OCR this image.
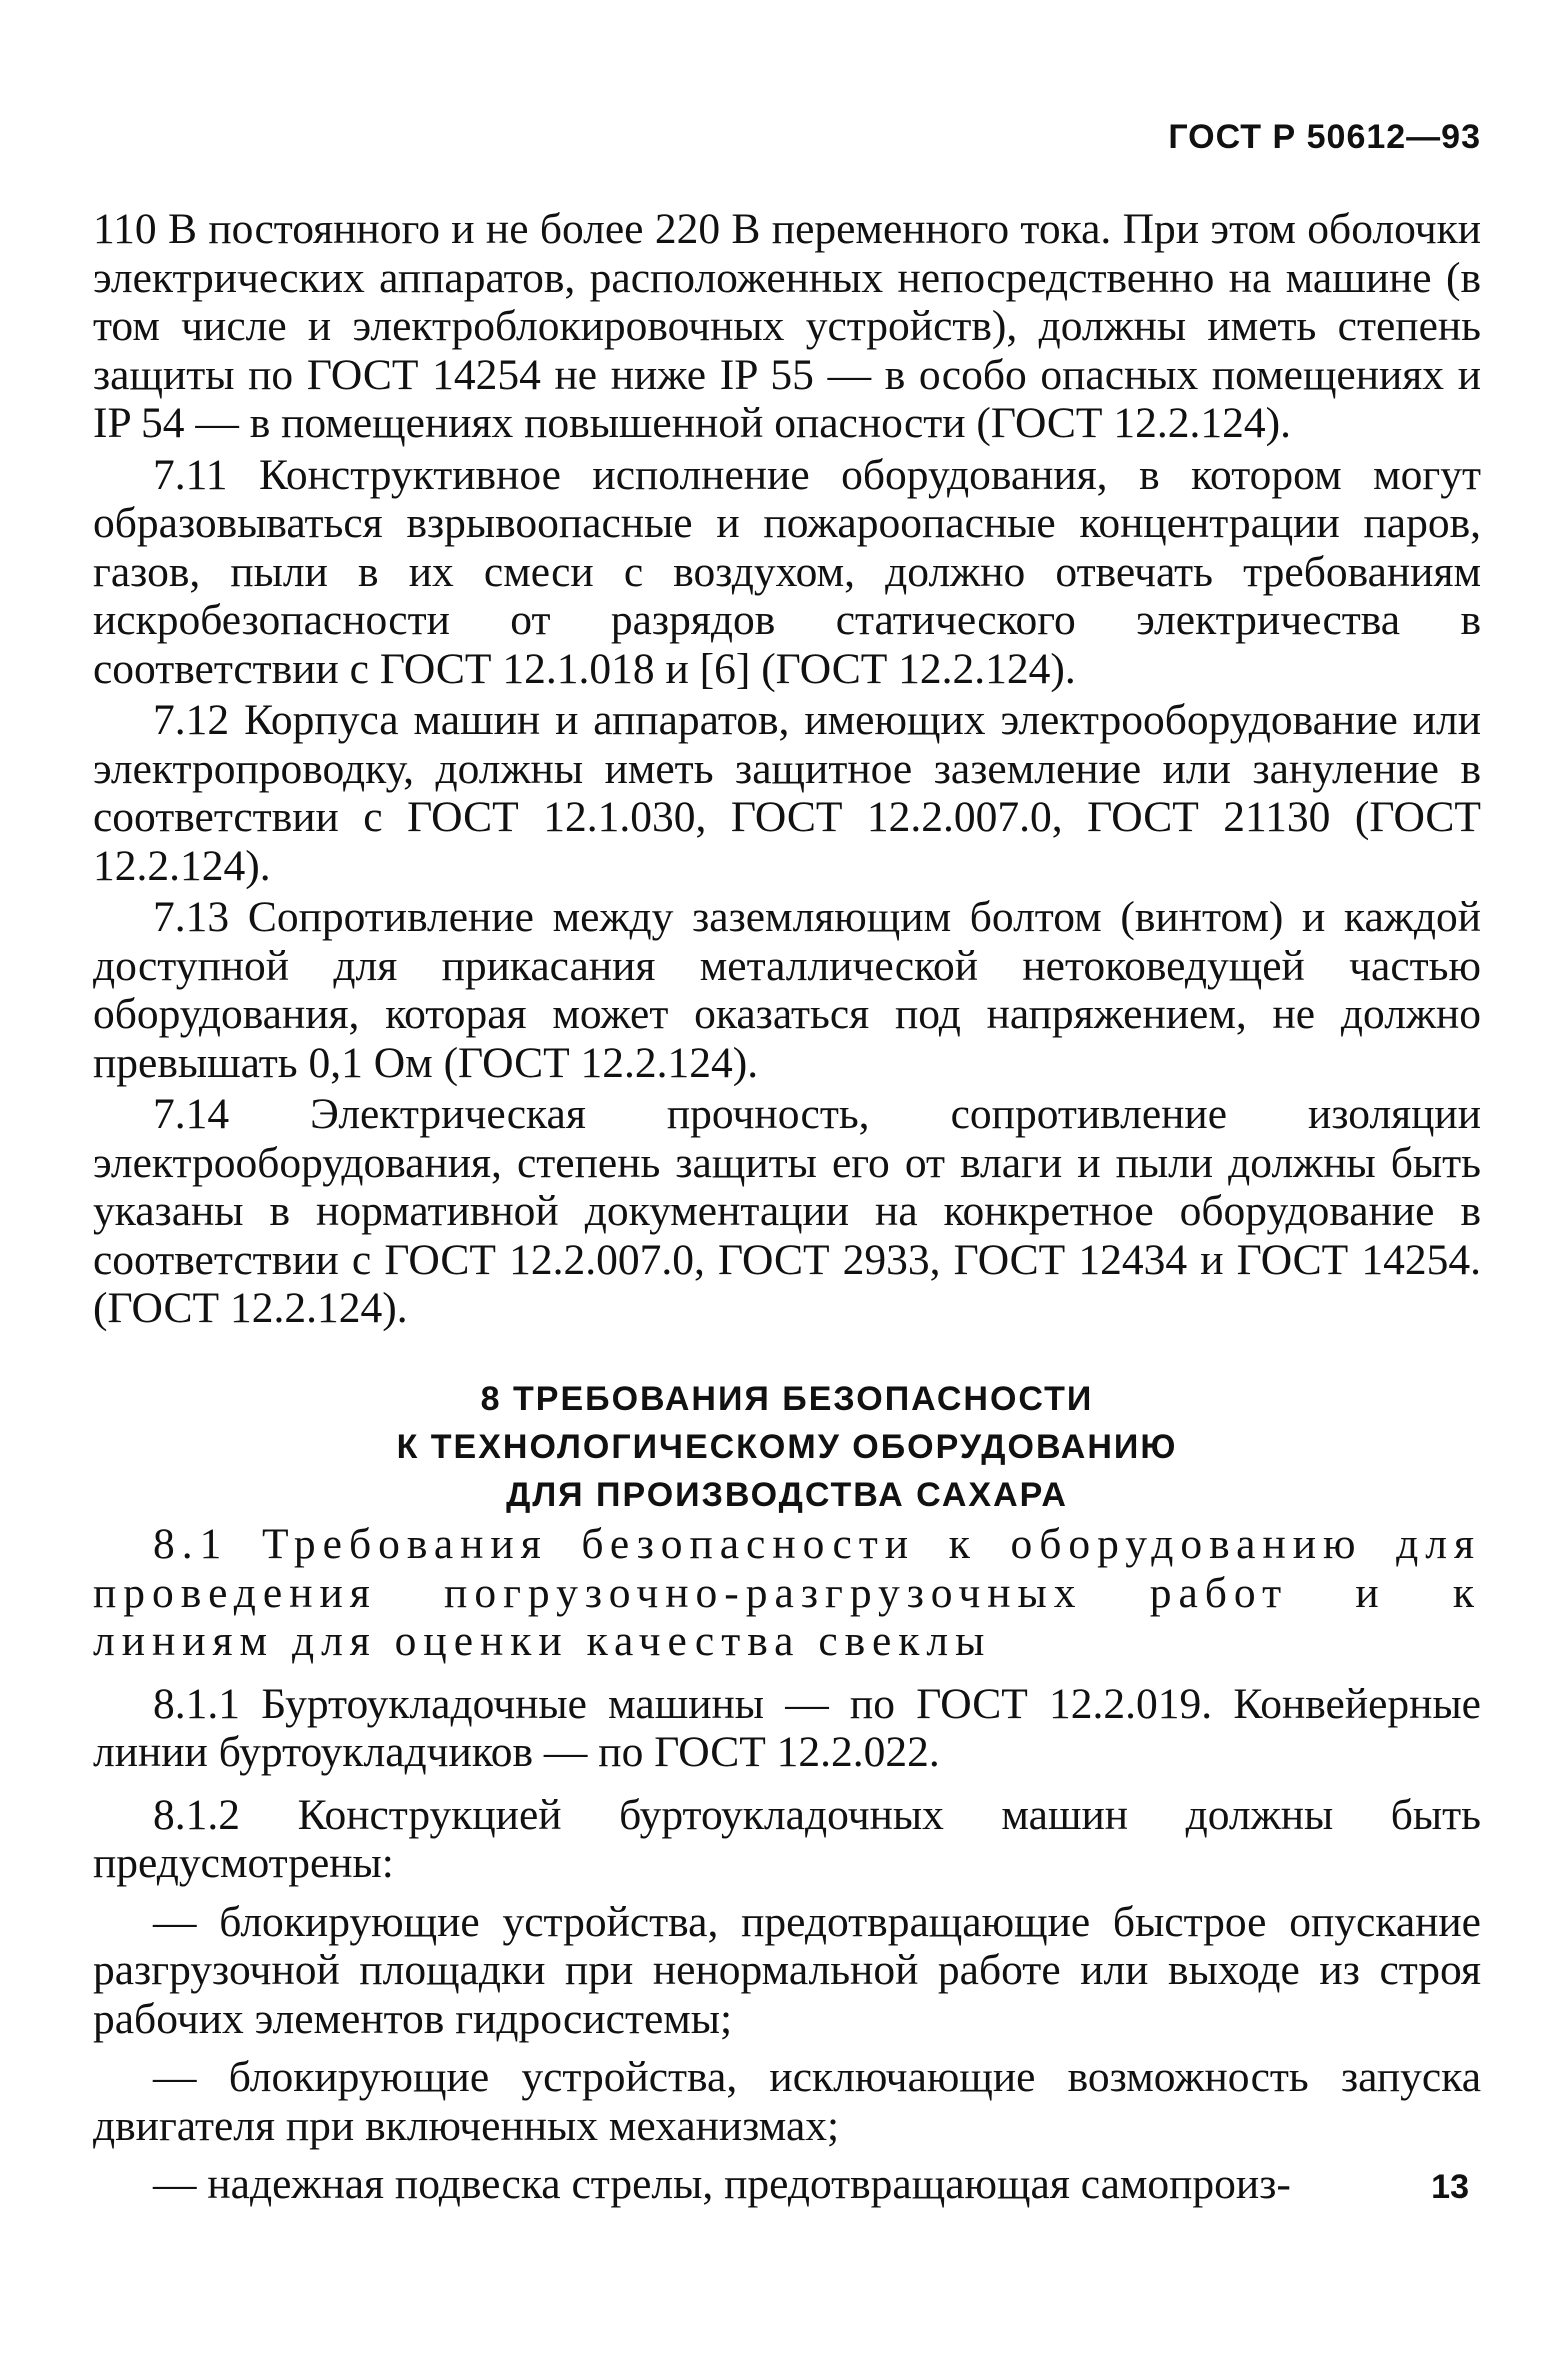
ГОСТ Р 50612—93

110 В постоянного и не более 220 В переменного тока. При этом оболочки электрических аппаратов, расположенных непосредственно на машине (в том числе и электроблокировочных устройств), должны иметь степень защиты по ГОСТ 14254 не ниже IP 55 — в особо опасных помещениях и IP 54 — в помещениях повышенной опасности (ГОСТ 12.2.124).

7.11 Конструктивное исполнение оборудования, в котором могут образовываться взрывоопасные и пожароопасные концентрации паров, газов, пыли в их смеси с воздухом, должно отвечать требованиям искробезопасности от разрядов статического электричества в соответствии с ГОСТ 12.1.018 и [6] (ГОСТ 12.2.124).

7.12 Корпуса машин и аппаратов, имеющих электрооборудование или электропроводку, должны иметь защитное заземление или зануление в соответствии с ГОСТ 12.1.030, ГОСТ 12.2.007.0, ГОСТ 21130 (ГОСТ 12.2.124).

7.13 Сопротивление между заземляющим болтом (винтом) и каждой доступной для прикасания металлической нетоковедущей частью оборудования, которая может оказаться под напряжением, не должно превышать 0,1 Ом (ГОСТ 12.2.124).

7.14 Электрическая прочность, сопротивление изоляции электрооборудования, степень защиты его от влаги и пыли должны быть указаны в нормативной документации на конкретное оборудование в соответствии с ГОСТ 12.2.007.0, ГОСТ 2933, ГОСТ 12434 и ГОСТ 14254. (ГОСТ 12.2.124).

8 ТРЕБОВАНИЯ БЕЗОПАСНОСТИ
К ТЕХНОЛОГИЧЕСКОМУ ОБОРУДОВАНИЮ
ДЛЯ ПРОИЗВОДСТВА САХАРА

8.1 Требования безопасности к оборудованию для проведения погрузочно-разгрузочных работ и к линиям для оценки качества свеклы

8.1.1 Буртоукладочные машины — по ГОСТ 12.2.019. Конвейерные линии буртоукладчиков — по ГОСТ 12.2.022.

8.1.2 Конструкцией буртоукладочных машин должны быть предусмотрены:

— блокирующие устройства, предотвращающие быстрое опускание разгрузочной площадки при ненормальной работе или выходе из строя рабочих элементов гидросистемы;

— блокирующие устройства, исключающие возможность запуска двигателя при включенных механизмах;

— надежная подвеска стрелы, предотвращающая самопроиз-	13
